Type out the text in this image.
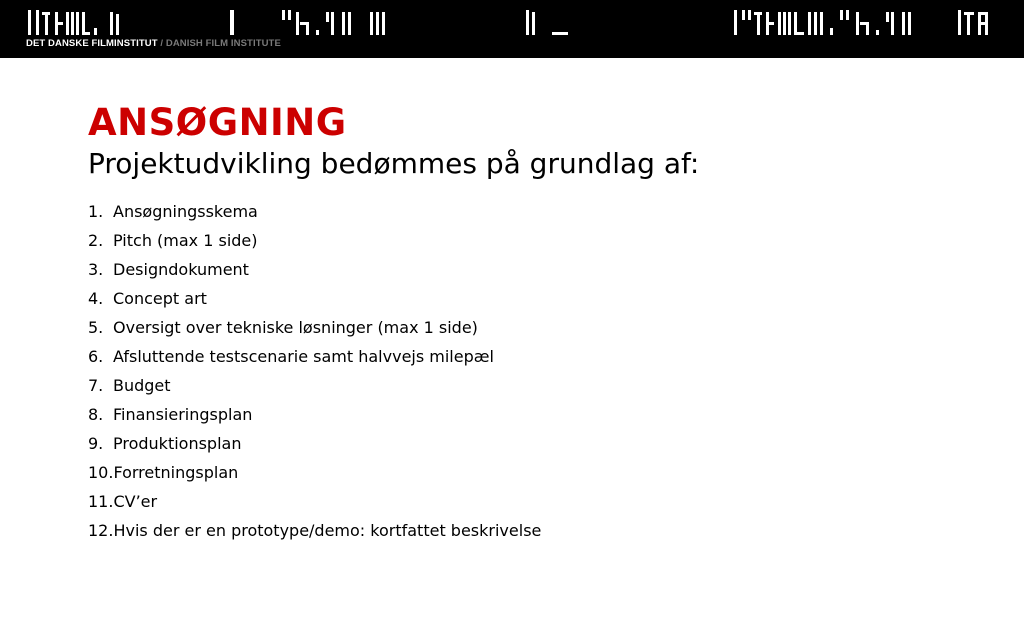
DET DANSKE FILMINSTITUT / DANISH FILM INSTITUTE
ANSØGNING

Projektudvikling bedømmes på grundlag af:

1. Ansøgningsskema
2. Pitch (max 1 side)
3. Designdokument
4. Concept art
5. Oversigt over tekniske løsninger (max 1 side)
6. Afsluttende testscenarie samt halvvejs milepæl
7. Budget
8. Finansieringsplan
9. Produktionsplan
10.Forretningsplan
11.CV’er
12.Hvis der er en prototype/demo: kortfattet beskrivelse
